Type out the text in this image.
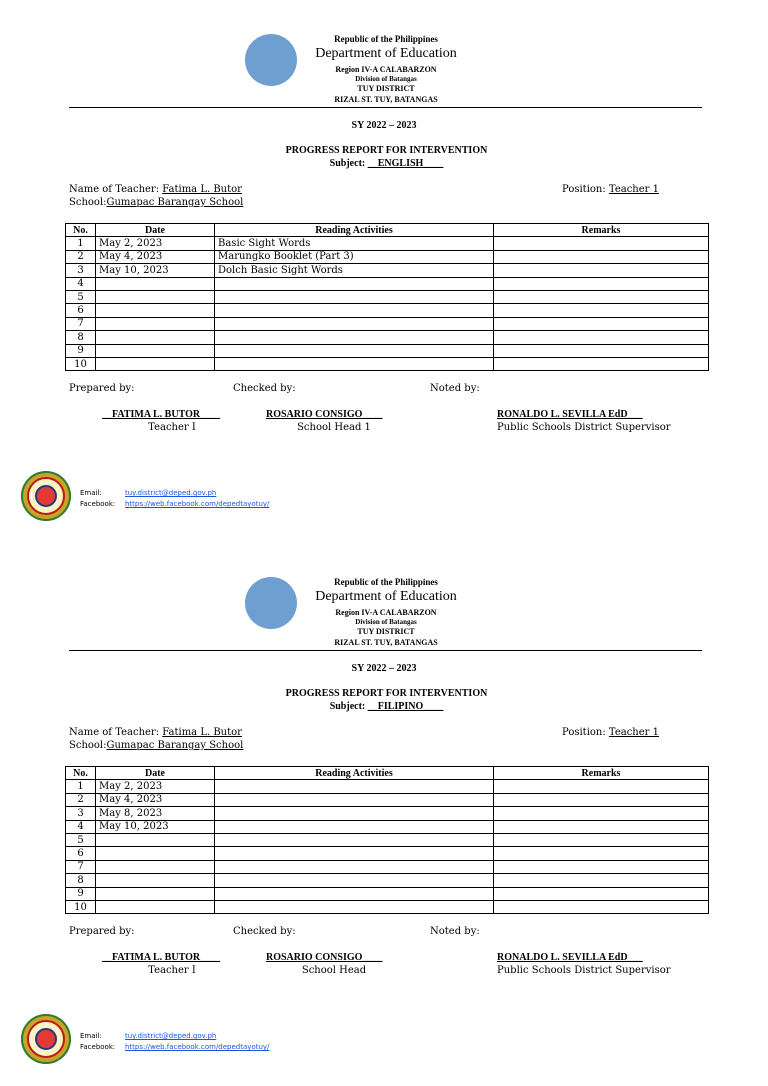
Republic of the Philippines
Department of Education
Region IV-A CALABARZON
Division of Batangas
TUY DISTRICT
RIZAL ST. TUY, BATANGAS
SY 2022 – 2023
PROGRESS REPORT FOR INTERVENTION
Subject: __ENGLISH____
Name of Teacher: Fatima L. Butor
School:Gumapac Barangay School
Position: Teacher 1
No.	Date	Reading Activities	Remarks
1	May 2, 2023	Basic Sight Words	
2	May 4, 2023	Marungko Booklet (Part 3)	
3	May 10, 2023	Dolch Basic Sight Words	
4			
5			
6			
7			
8			
9			
10			
Prepared by:	Checked by:	Noted by:
__FATIMA L. BUTOR____
Teacher I
ROSARIO CONSIGO____
School Head 1
RONALDO L. SEVILLA EdD___
Public Schools District Supervisor
Email:	tuy.district@deped.gov.ph
Facebook: https://web.facebook.com/depedtayotuy/
Republic of the Philippines
Department of Education
Region IV-A CALABARZON
Division of Batangas
TUY DISTRICT
RIZAL ST. TUY, BATANGAS
SY 2022 – 2023
PROGRESS REPORT FOR INTERVENTION
Subject: __FILIPINO____
Name of Teacher: Fatima L. Butor
School:Gumapac Barangay School
Position: Teacher 1
No.	Date	Reading Activities	Remarks
1	May 2, 2023		
2	May 4, 2023		
3	May 8, 2023		
4	May 10, 2023		
5			
6			
7			
8			
9			
10			
Prepared by:	Checked by:	Noted by:
__FATIMA L. BUTOR____
Teacher I
ROSARIO CONSIGO____
School Head
RONALDO L. SEVILLA EdD___
Public Schools District Supervisor
Email:	tuy.district@deped.gov.ph
Facebook: https://web.facebook.com/depedtayotuy/
